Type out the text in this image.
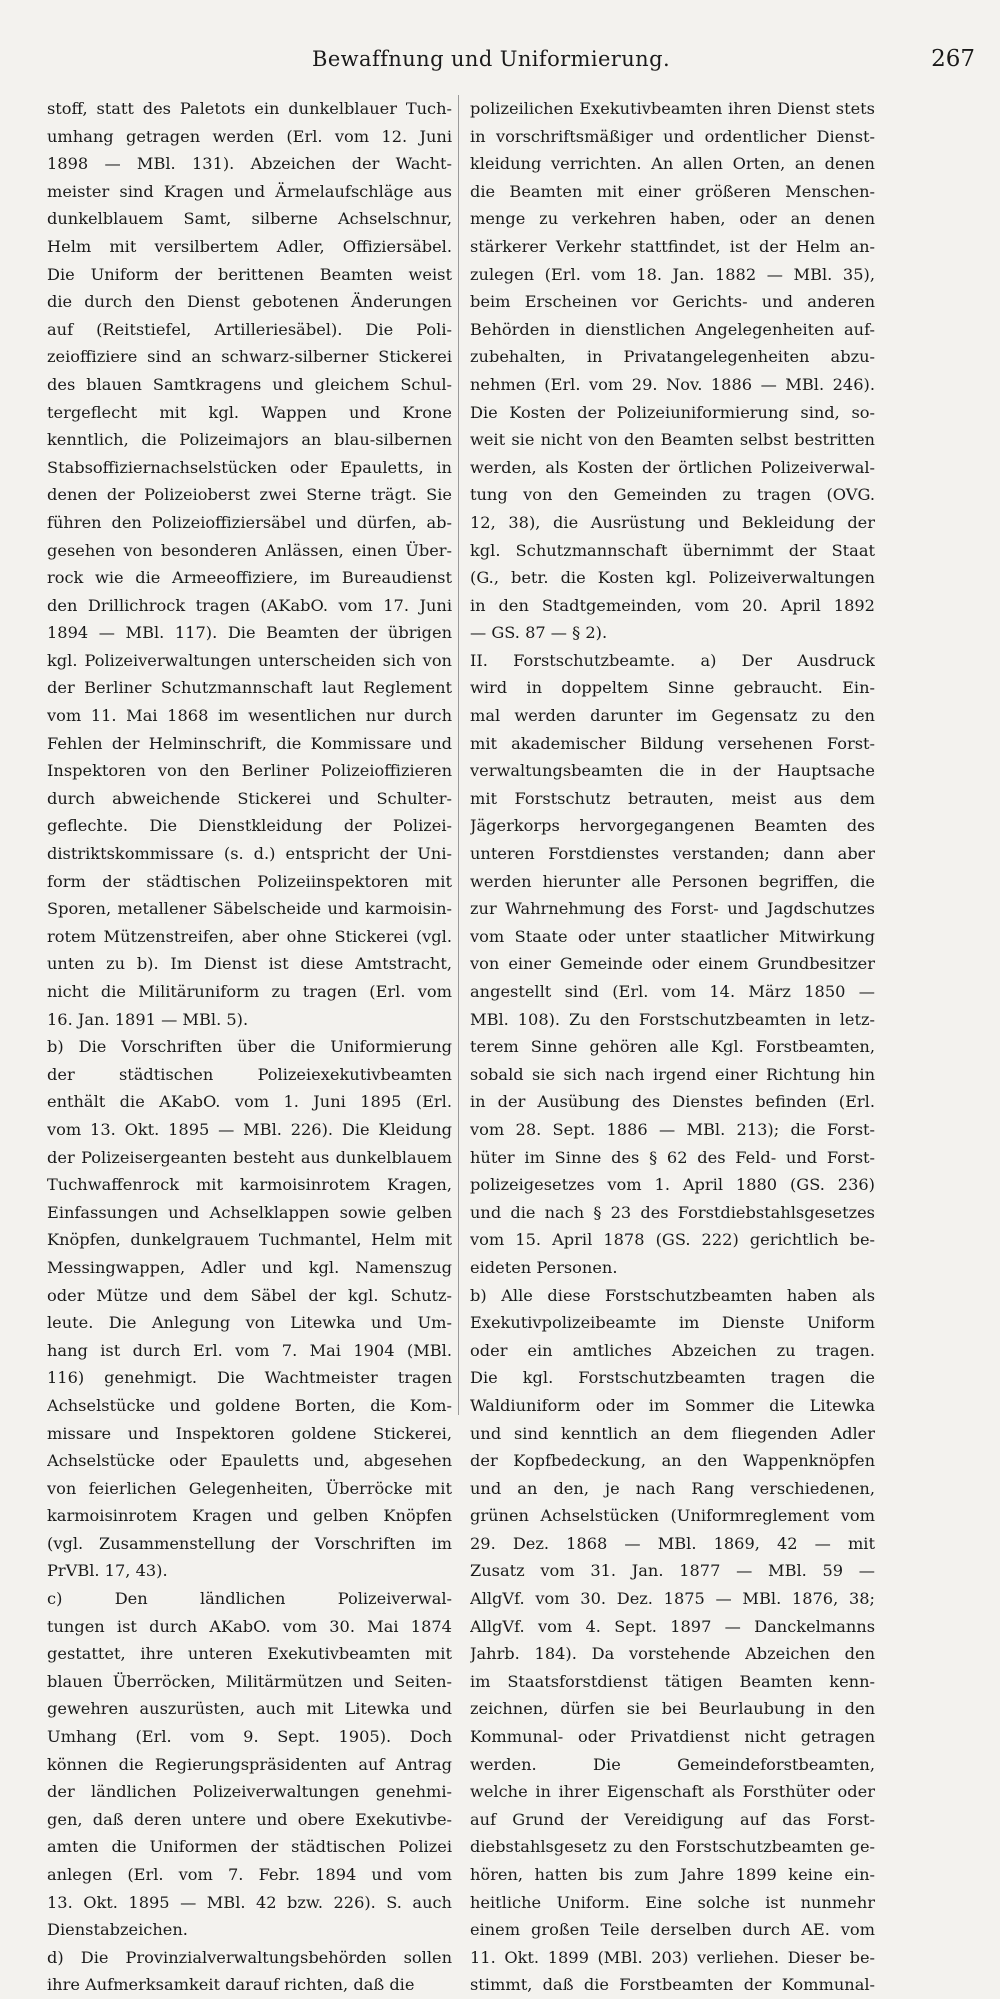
Bewaffnung und Uniformierung.	267
stoff, statt des Paletots ein dunkelblauer Tuch-
umhang getragen werden (Erl. vom 12. Juni
1898 — MBl. 131). Abzeichen der Wacht-
meister sind Kragen und Ärmelaufschläge aus
dunkelblauem Samt, silberne Achselschnur,
Helm mit versilbertem Adler, Offiziersäbel.
Die Uniform der berittenen Beamten weist
die durch den Dienst gebotenen Änderungen
auf (Reitstiefel, Artilleriesäbel). Die Poli-
zeioffiziere sind an schwarz-silberner Stickerei
des blauen Samtkragens und gleichem Schul-
tergeflecht mit kgl. Wappen und Krone
kenntlich, die Polizeimajors an blau-silbernen
Stabsoffiziernachselstücken oder Epauletts, in
denen der Polizeioberst zwei Sterne trägt. Sie
führen den Polizeioffiziersäbel und dürfen, ab-
gesehen von besonderen Anlässen, einen Über-
rock wie die Armeeoffiziere, im Bureaudienst
den Drillichrock tragen (AKabO. vom 17. Juni
1894 — MBl. 117). Die Beamten der übrigen
kgl. Polizeiverwaltungen unterscheiden sich von
der Berliner Schutzmannschaft laut Reglement
vom 11. Mai 1868 im wesentlichen nur durch
Fehlen der Helminschrift, die Kommissare und
Inspektoren von den Berliner Polizeioffizieren
durch abweichende Stickerei und Schulter-
geflechte. Die Dienstkleidung der Polizei-
distriktskommissare (s. d.) entspricht der Uni-
form der städtischen Polizeiinspektoren mit
Sporen, metallener Säbelscheide und karmoisin-
rotem Mützenstreifen, aber ohne Stickerei (vgl.
unten zu b). Im Dienst ist diese Amtstracht,
nicht die Militäruniform zu tragen (Erl. vom
16. Jan. 1891 — MBl. 5).
b) Die Vorschriften über die Uniformierung
der städtischen Polizeiexekutivbeamten
enthält die AKabO. vom 1. Juni 1895 (Erl.
vom 13. Okt. 1895 — MBl. 226). Die Kleidung
der Polizeisergeanten besteht aus dunkelblauem
Tuchwaffenrock mit karmoisinrotem Kragen,
Einfassungen und Achselklappen sowie gelben
Knöpfen, dunkelgrauem Tuchmantel, Helm mit
Messingwappen, Adler und kgl. Namenszug
oder Mütze und dem Säbel der kgl. Schutz-
leute. Die Anlegung von Litewka und Um-
hang ist durch Erl. vom 7. Mai 1904 (MBl.
116) genehmigt. Die Wachtmeister tragen
Achselstücke und goldene Borten, die Kom-
missare und Inspektoren goldene Stickerei,
Achselstücke oder Epauletts und, abgesehen
von feierlichen Gelegenheiten, Überröcke mit
karmoisinrotem Kragen und gelben Knöpfen
(vgl. Zusammenstellung der Vorschriften im
PrVBl. 17, 43).
c) Den ländlichen Polizeiverwal-
tungen ist durch AKabO. vom 30. Mai 1874
gestattet, ihre unteren Exekutivbeamten mit
blauen Überröcken, Militärmützen und Seiten-
gewehren auszurüsten, auch mit Litewka und
Umhang (Erl. vom 9. Sept. 1905). Doch
können die Regierungspräsidenten auf Antrag
der ländlichen Polizeiverwaltungen genehmi-
gen, daß deren untere und obere Exekutivbe-
amten die Uniformen der städtischen Polizei
anlegen (Erl. vom 7. Febr. 1894 und vom
13. Okt. 1895 — MBl. 42 bzw. 226). S. auch
Dienstabzeichen.
d) Die Provinzialverwaltungsbehörden sollen
ihre Aufmerksamkeit darauf richten, daß die
polizeilichen Exekutivbeamten ihren Dienst stets
in vorschriftsmäßiger und ordentlicher Dienst-
kleidung verrichten. An allen Orten, an denen
die Beamten mit einer größeren Menschen-
menge zu verkehren haben, oder an denen
stärkerer Verkehr stattfindet, ist der Helm an-
zulegen (Erl. vom 18. Jan. 1882 — MBl. 35),
beim Erscheinen vor Gerichts- und anderen
Behörden in dienstlichen Angelegenheiten auf-
zubehalten, in Privatangelegenheiten abzu-
nehmen (Erl. vom 29. Nov. 1886 — MBl. 246).
Die Kosten der Polizeiuniformierung sind, so-
weit sie nicht von den Beamten selbst bestritten
werden, als Kosten der örtlichen Polizeiverwal-
tung von den Gemeinden zu tragen (OVG.
12, 38), die Ausrüstung und Bekleidung der
kgl. Schutzmannschaft übernimmt der Staat
(G., betr. die Kosten kgl. Polizeiverwaltungen
in den Stadtgemeinden, vom 20. April 1892
— GS. 87 — § 2).
II. Forstschutzbeamte. a) Der Ausdruck
wird in doppeltem Sinne gebraucht. Ein-
mal werden darunter im Gegensatz zu den
mit akademischer Bildung versehenen Forst-
verwaltungsbeamten die in der Hauptsache
mit Forstschutz betrauten, meist aus dem
Jägerkorps hervorgegangenen Beamten des
unteren Forstdienstes verstanden; dann aber
werden hierunter alle Personen begriffen, die
zur Wahrnehmung des Forst- und Jagdschutzes
vom Staate oder unter staatlicher Mitwirkung
von einer Gemeinde oder einem Grundbesitzer
angestellt sind (Erl. vom 14. März 1850 —
MBl. 108). Zu den Forstschutzbeamten in letz-
terem Sinne gehören alle Kgl. Forstbeamten,
sobald sie sich nach irgend einer Richtung hin
in der Ausübung des Dienstes befinden (Erl.
vom 28. Sept. 1886 — MBl. 213); die Forst-
hüter im Sinne des § 62 des Feld- und Forst-
polizeigesetzes vom 1. April 1880 (GS. 236)
und die nach § 23 des Forstdiebstahlsgesetzes
vom 15. April 1878 (GS. 222) gerichtlich be-
eideten Personen.
b) Alle diese Forstschutzbeamten haben als
Exekutivpolizeibeamte im Dienste Uniform
oder ein amtliches Abzeichen zu tragen.
Die kgl. Forstschutzbeamten tragen die
Waldiuniform oder im Sommer die Litewka
und sind kenntlich an dem fliegenden Adler
der Kopfbedeckung, an den Wappenknöpfen
und an den, je nach Rang verschiedenen,
grünen Achselstücken (Uniformreglement vom
29. Dez. 1868 — MBl. 1869, 42 — mit
Zusatz vom 31. Jan. 1877 — MBl. 59 —
AllgVf. vom 30. Dez. 1875 — MBl. 1876, 38;
AllgVf. vom 4. Sept. 1897 — Danckelmanns
Jahrb. 184). Da vorstehende Abzeichen den
im Staatsforstdienst tätigen Beamten kenn-
zeichnen, dürfen sie bei Beurlaubung in den
Kommunal- oder Privatdienst nicht getragen
werden. Die Gemeindeforstbeamten,
welche in ihrer Eigenschaft als Forsthüter oder
auf Grund der Vereidigung auf das Forst-
diebstahlsgesetz zu den Forstschutzbeamten ge-
hören, hatten bis zum Jahre 1899 keine ein-
heitliche Uniform. Eine solche ist nunmehr
einem großen Teile derselben durch AE. vom
11. Okt. 1899 (MBl. 203) verliehen. Dieser be-
stimmt, daß die Forstbeamten der Kommunal-
